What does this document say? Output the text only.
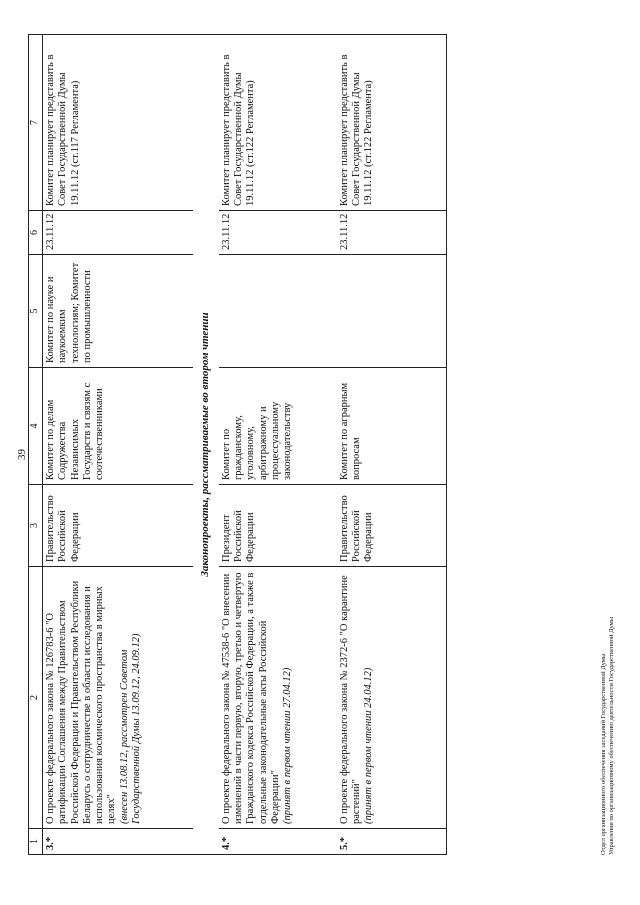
39
1	2	3	4	5	6	7
3.*	О проекте федерального закона № 126783-6 "О ратификации Соглашения между Правительством Российской Федерации и Правительством Республики Беларусь о сотрудничестве в области исследования и использования космического пространства в мирных целях" (внесен 13.08.12, рассмотрен Советом Государственной Думы 13.09.12, 24.09.12)	Правительство Российской Федерации	Комитет по делам Содружества Независимых Государств и связям с соотечественниками	Комитет по науке и наукоемким технологиям; Комитет по промышленности	23.11.12	Комитет планирует представить в Совет Государственной Думы 19.11.12 (ст.117 Регламента)
Законопроекты, рассматриваемые во втором чтении						
4.*	О проекте федерального закона № 47538-6 "О внесении изменений в части первую, вторую, третью и четвертую Гражданского кодекса Российской Федерации, а также в отдельные законодательные акты Российской Федерации" (принят в первом чтении 27.04.12)	Президент Российской Федерации	Комитет по гражданскому, уголовному, арбитражному и процессуальному законодательству		23.11.12	Комитет планирует представить в Совет Государственной Думы 19.11.12 (ст.122 Регламента)
5.*	О проекте федерального закона № 2372-6 "О карантине растений" (принят в первом чтении 24.04.12)	Правительство Российской Федерации	Комитет по аграрным вопросам		23.11.12	Комитет планирует представить в Совет Государственной Думы 19.11.12 (ст.122 Регламента)
Отдел организационного обеспечения заседаний Государственной Думы Управления по организационному обеспечению деятельности Государственной Думы
